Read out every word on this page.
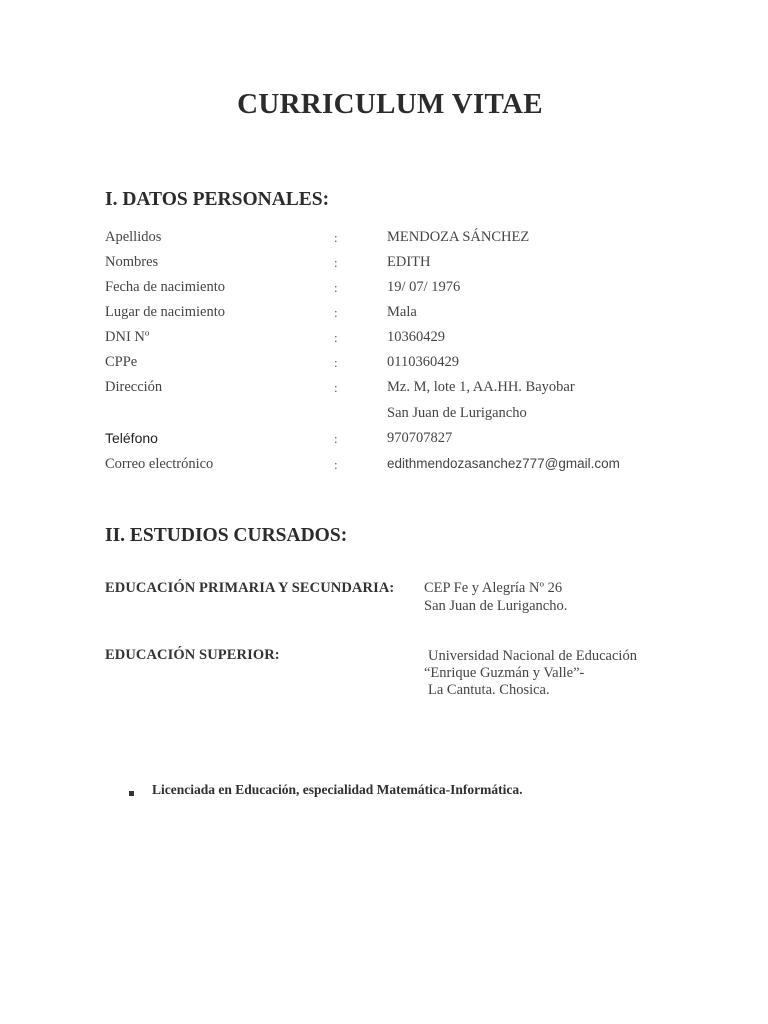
CURRICULUM VITAE
I. DATOS PERSONALES:
Apellidos	:	MENDOZA SÁNCHEZ
Nombres	:	EDITH
Fecha de nacimiento	:	19/ 07/ 1976
Lugar de nacimiento	:	Mala
DNI Nº	:	10360429
CPPe	:	0110360429
Dirección	:	Mz. M, lote 1, AA.HH. Bayobar
San Juan de Lurigancho
Teléfono	:	970707827
Correo electrónico	:	edithmendozasanchez777@gmail.com
II. ESTUDIOS CURSADOS:
EDUCACIÓN PRIMARIA Y SECUNDARIA: CEP Fe y Alegría Nº 26
San Juan de Lurigancho.
EDUCACIÓN SUPERIOR:	Universidad Nacional de Educación
“Enrique Guzmán y Valle”-
La Cantuta. Chosica.
Licenciada en Educación, especialidad Matemática-Informática.
